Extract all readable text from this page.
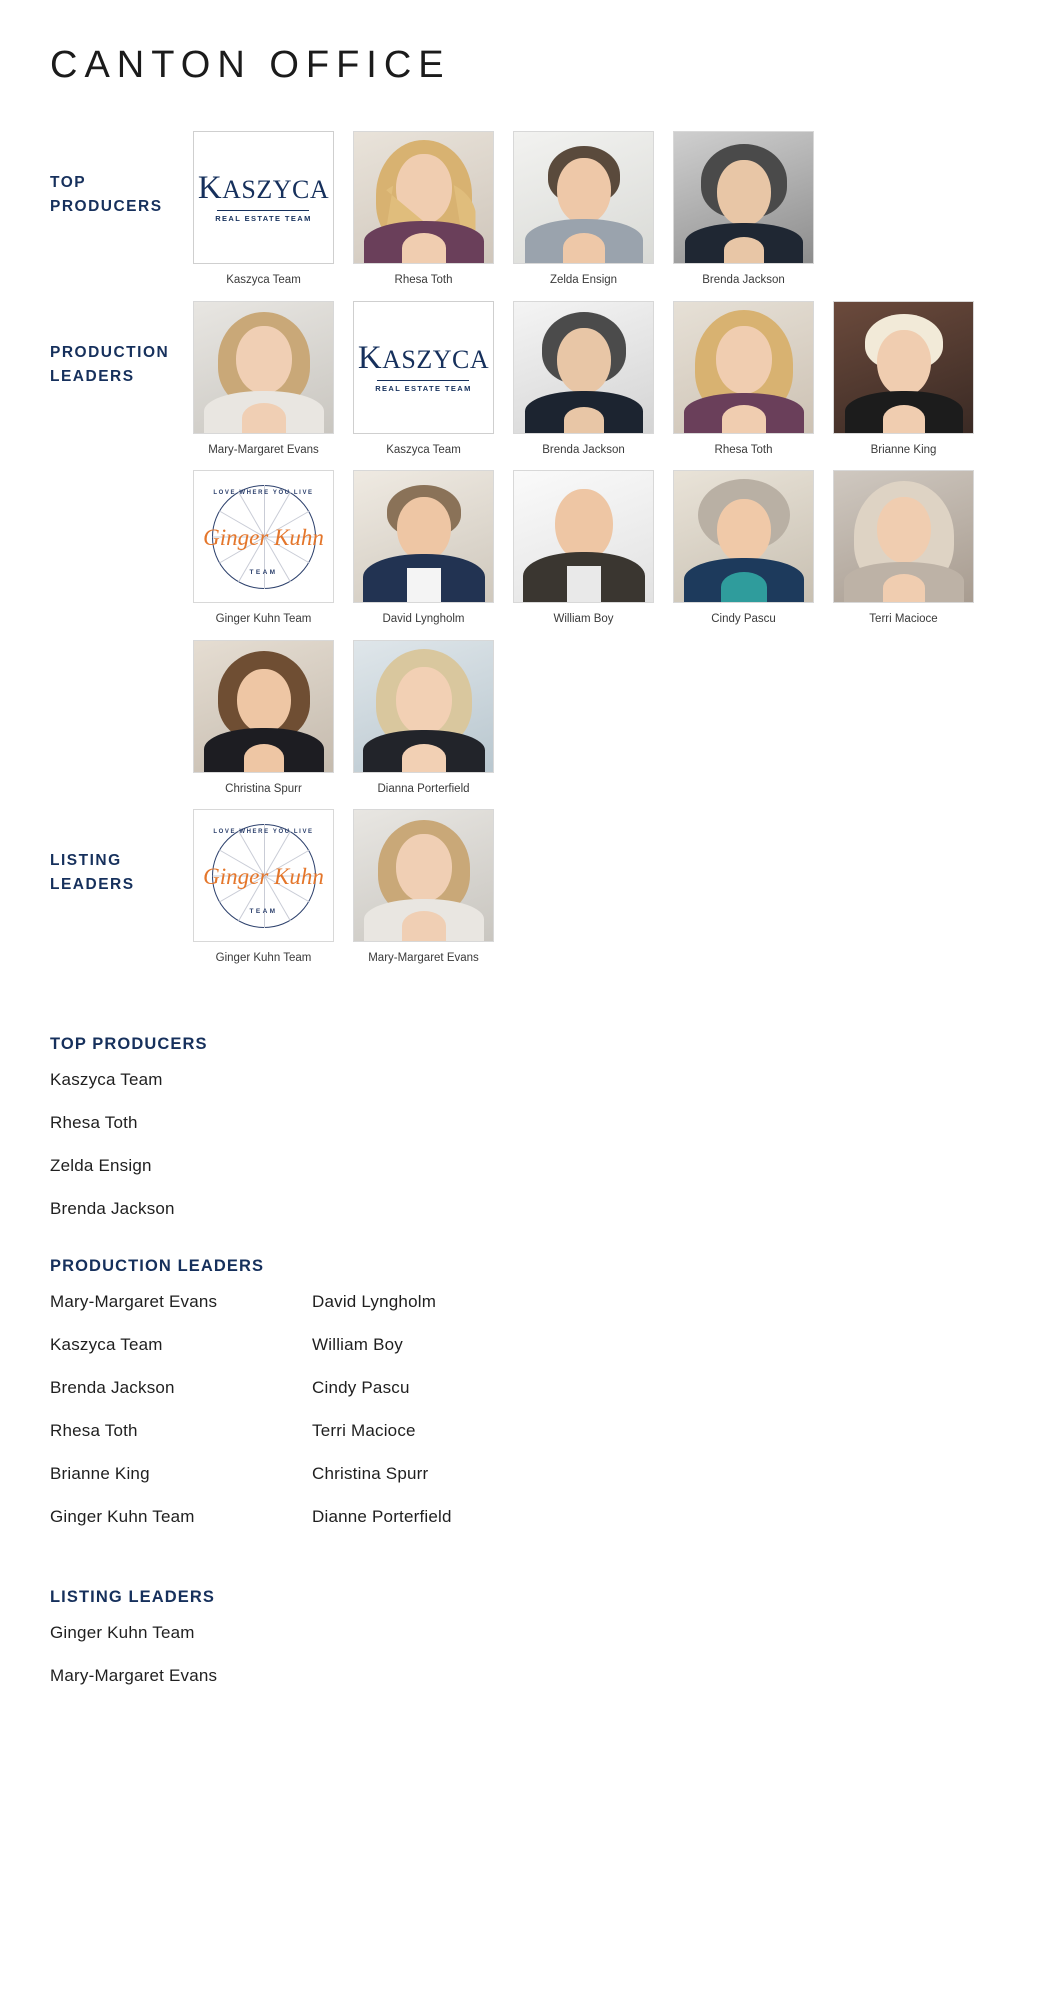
CANTON OFFICE
TOP
PRODUCERS
KASZYCA
REAL ESTATE TEAM
Kaszyca Team	Rhesa Toth	Zelda Ensign	Brenda Jackson
PRODUCTION
LEADERS
Mary-Margaret Evans
KASZYCA
REAL ESTATE TEAM
Kaszyca Team	Brenda Jackson	Rhesa Toth	Brianne King
LOVE WHERE YOU LIVE
Ginger Kuhn
TEAM
Ginger Kuhn Team	David Lyngholm	William Boy	Cindy Pascu	Terri Macioce
Christina Spurr	Dianna Porterfield
LISTING
LEADERS
LOVE WHERE YOU LIVE
Ginger Kuhn
TEAM
Ginger Kuhn Team	Mary-Margaret Evans
TOP PRODUCERS
Kaszyca Team
Rhesa Toth
Zelda Ensign
Brenda Jackson
PRODUCTION LEADERS
Mary-Margaret Evans
Kaszyca Team
Brenda Jackson
Rhesa Toth
Brianne King
Ginger Kuhn Team
David Lyngholm
William Boy
Cindy Pascu
Terri Macioce
Christina Spurr
Dianne Porterfield
LISTING LEADERS
Ginger Kuhn Team
Mary-Margaret Evans
